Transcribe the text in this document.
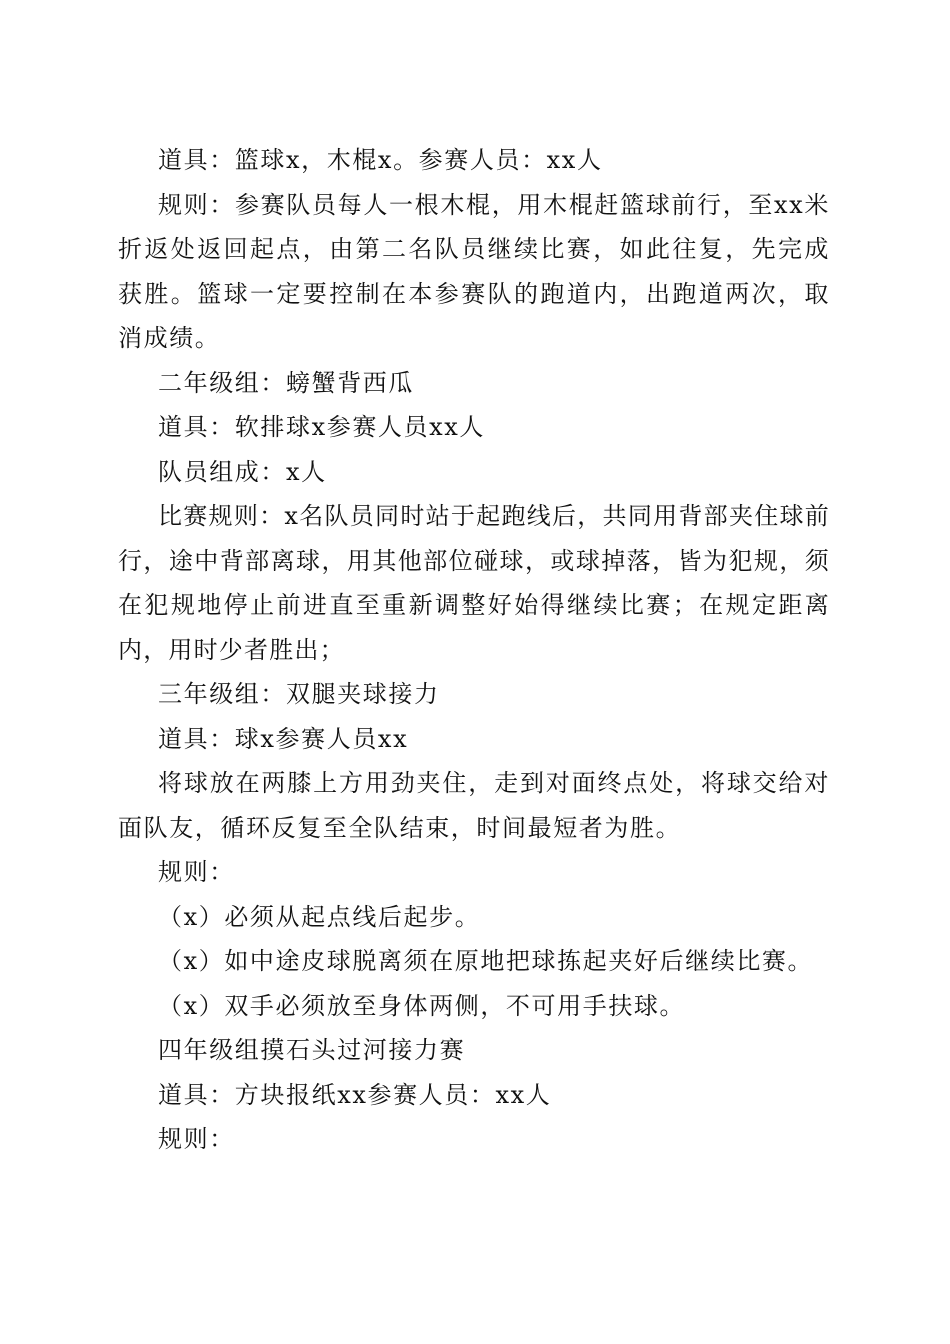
道具：篮球x，木棍x。参赛人员：xx人

规则：参赛队员每人一根木棍，用木棍赶篮球前行，至xx米折返处返回起点，由第二名队员继续比赛，如此往复，先完成获胜。篮球一定要控制在本参赛队的跑道内，出跑道两次，取消成绩。

二年级组：螃蟹背西瓜

道具：软排球x参赛人员xx人

队员组成：x人

比赛规则：x名队员同时站于起跑线后，共同用背部夹住球前行，途中背部离球，用其他部位碰球，或球掉落，皆为犯规，须在犯规地停止前进直至重新调整好始得继续比赛；在规定距离内，用时少者胜出；

三年级组：双腿夹球接力

道具：球x参赛人员xx

将球放在两膝上方用劲夹住，走到对面终点处，将球交给对面队友，循环反复至全队结束，时间最短者为胜。

规则：

（x）必须从起点线后起步。

（x）如中途皮球脱离须在原地把球拣起夹好后继续比赛。

（x）双手必须放至身体两侧，不可用手扶球。

四年级组摸石头过河接力赛

道具：方块报纸xx参赛人员：xx人

规则：
